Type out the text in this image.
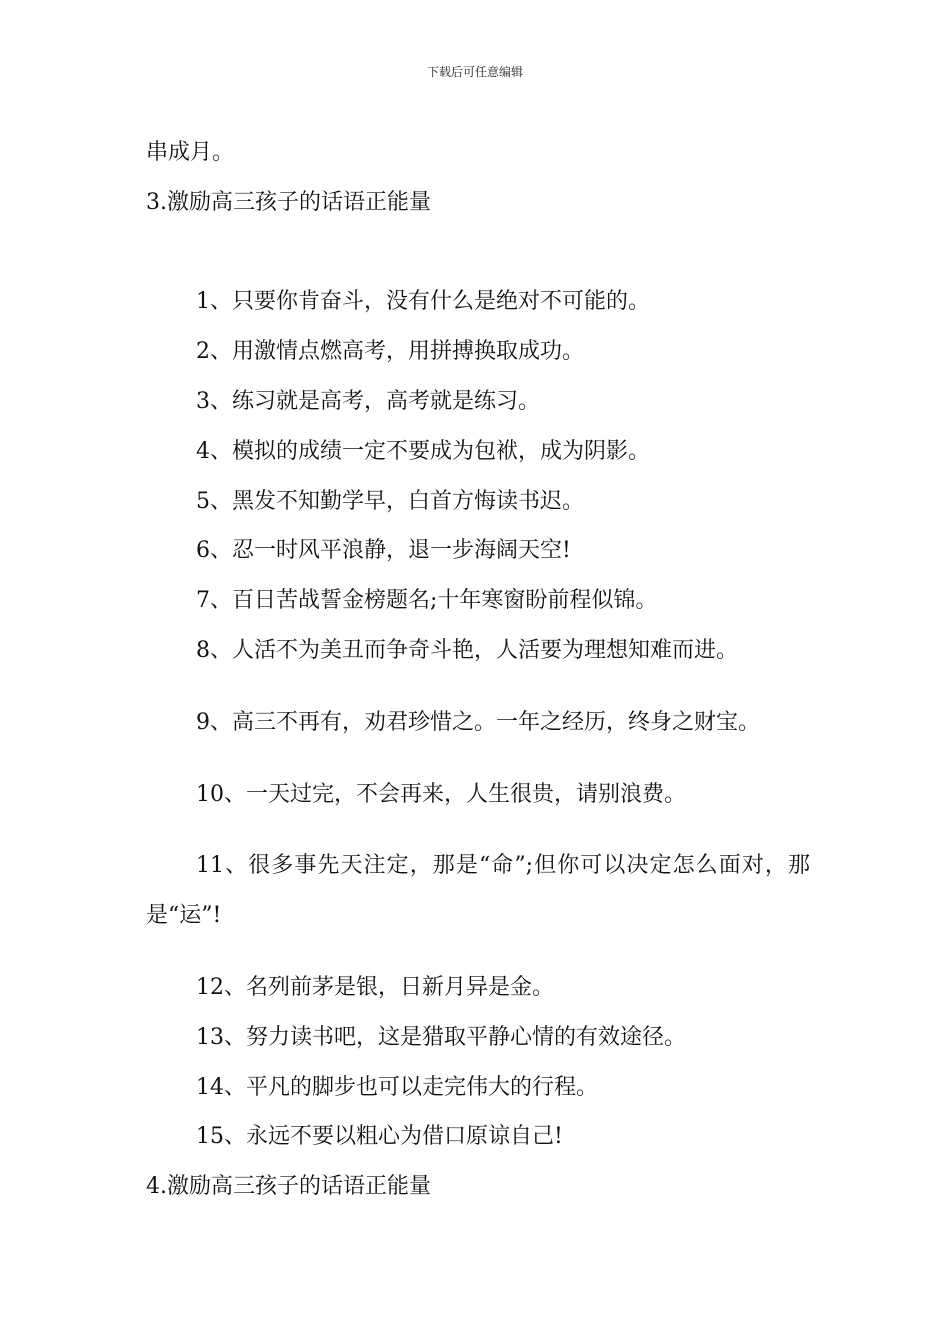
下载后可任意编辑

串成月。

3.激励高三孩子的话语正能量

1、只要你肯奋斗，没有什么是绝对不可能的。

2、用激情点燃高考，用拼搏换取成功。

3、练习就是高考，高考就是练习。

4、模拟的成绩一定不要成为包袱，成为阴影。

5、黑发不知勤学早，白首方悔读书迟。

6、忍一时风平浪静，退一步海阔天空!

7、百日苦战誓金榜题名;十年寒窗盼前程似锦。

8、人活不为美丑而争奇斗艳，人活要为理想知难而进。

9、高三不再有，劝君珍惜之。一年之经历，终身之财宝。

10、一天过完，不会再来，人生很贵，请别浪费。

11、很多事先天注定，那是“命”;但你可以决定怎么面对，那是“运”!

12、名列前茅是银，日新月异是金。

13、努力读书吧，这是猎取平静心情的有效途径。

14、平凡的脚步也可以走完伟大的行程。

15、永远不要以粗心为借口原谅自己!

4.激励高三孩子的话语正能量
